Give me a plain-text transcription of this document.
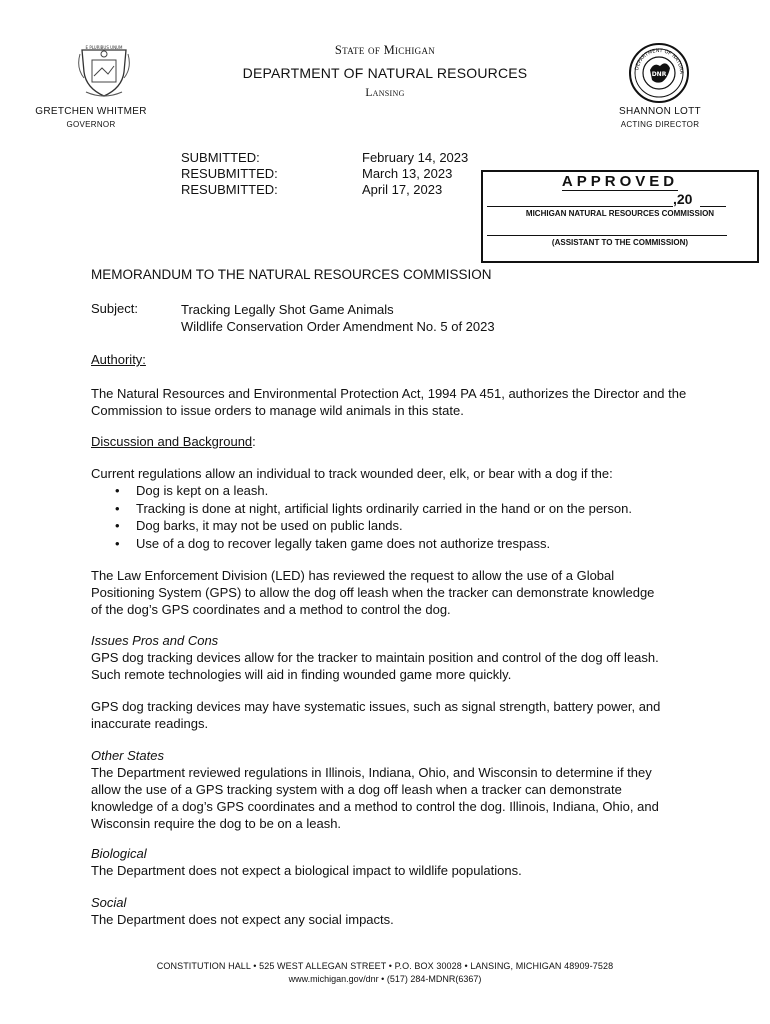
E PLURIBUS UNUM
DNR
DEPARTMENT OF NATURA
State of Michigan
DEPARTMENT OF NATURAL RESOURCES
Lansing
GRETCHEN WHITMER
GOVERNOR
SHANNON LOTT
ACTING DIRECTOR
SUBMITTED:	February 14, 2023
RESUBMITTED:	March 13, 2023
RESUBMITTED:	April 17, 2023	APPROVED
,20
MICHIGAN NATURAL RESOURCES COMMISSION
(ASSISTANT TO THE COMMISSION)
MEMORANDUM TO THE NATURAL RESOURCES COMMISSION
Subject:	Tracking Legally Shot Game Animals
Wildlife Conservation Order Amendment No. 5 of 2023
Authority:
The Natural Resources and Environmental Protection Act, 1994 PA 451, authorizes the Director and the Commission to issue orders to manage wild animals in this state.
Discussion and Background:
Current regulations allow an individual to track wounded deer, elk, or bear with a dog if the:
• Dog is kept on a leash.
• Tracking is done at night, artificial lights ordinarily carried in the hand or on the person.
• Dog barks, it may not be used on public lands.
• Use of a dog to recover legally taken game does not authorize trespass.
The Law Enforcement Division (LED) has reviewed the request to allow the use of a Global Positioning System (GPS) to allow the dog off leash when the tracker can demonstrate knowledge of the dog’s GPS coordinates and a method to control the dog.
Issues Pros and Cons
GPS dog tracking devices allow for the tracker to maintain position and control of the dog off leash. Such remote technologies will aid in finding wounded game more quickly.
GPS dog tracking devices may have systematic issues, such as signal strength, battery power, and inaccurate readings.
Other States
The Department reviewed regulations in Illinois, Indiana, Ohio, and Wisconsin to determine if they allow the use of a GPS tracking system with a dog off leash when a tracker can demonstrate knowledge of a dog’s GPS coordinates and a method to control the dog. Illinois, Indiana, Ohio, and Wisconsin require the dog to be on a leash.
Biological
The Department does not expect a biological impact to wildlife populations.
Social
The Department does not expect any social impacts.
CONSTITUTION HALL • 525 WEST ALLEGAN STREET • P.O. BOX 30028 • LANSING, MICHIGAN 48909-7528
www.michigan.gov/dnr • (517) 284-MDNR(6367)
